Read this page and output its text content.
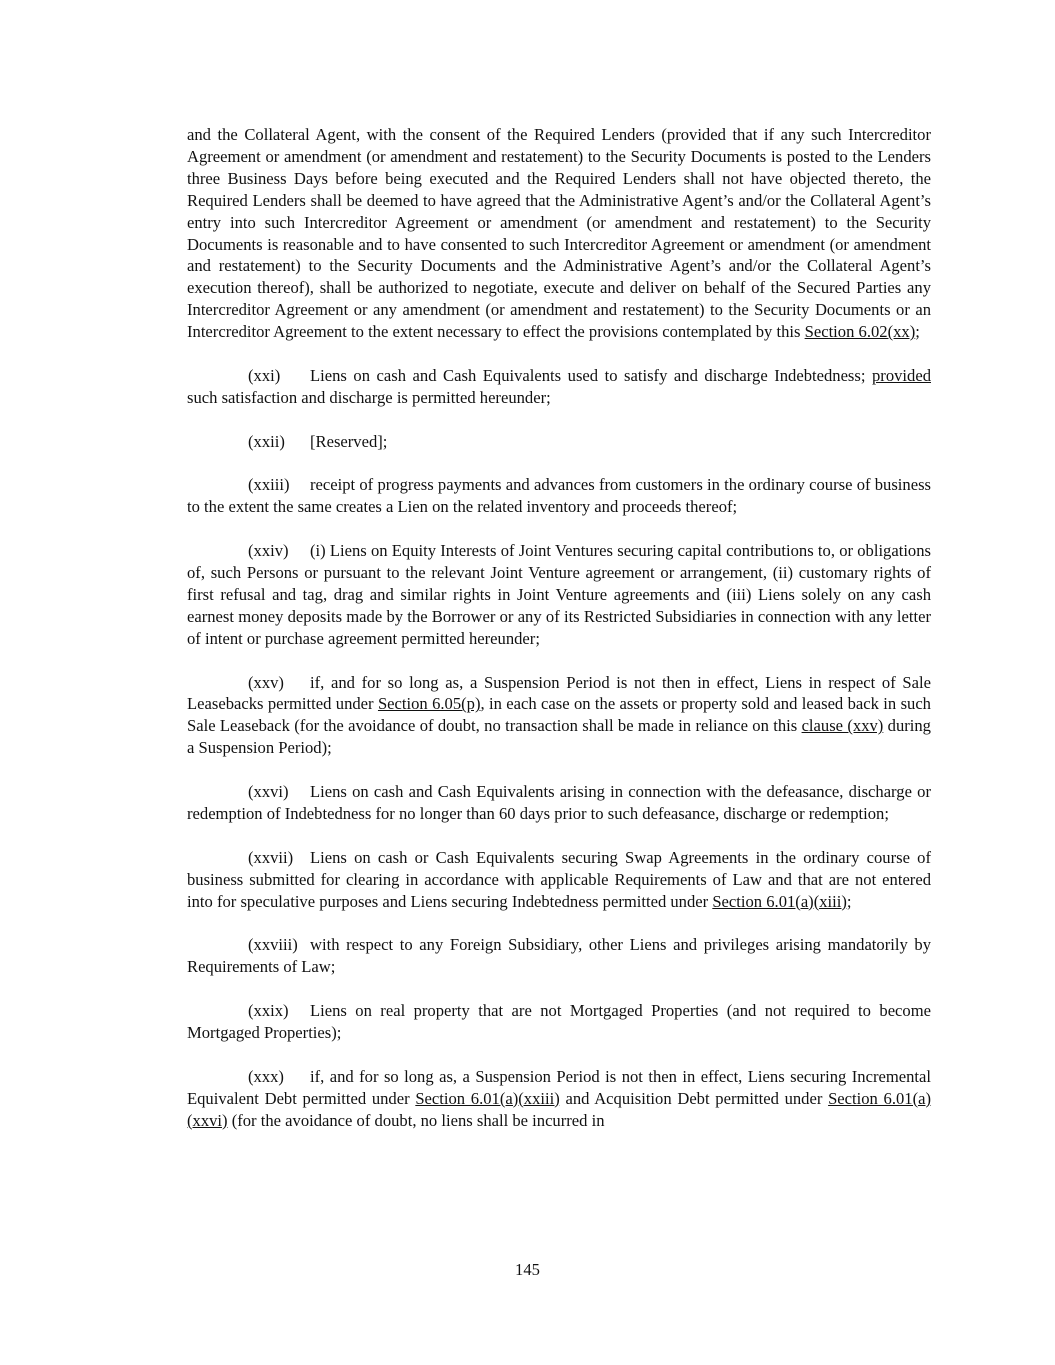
and the Collateral Agent, with the consent of the Required Lenders (provided that if any such Intercreditor Agreement or amendment (or amendment and restatement) to the Security Documents is posted to the Lenders three Business Days before being executed and the Required Lenders shall not have objected thereto, the Required Lenders shall be deemed to have agreed that the Administrative Agent’s and/or the Collateral Agent’s entry into such Intercreditor Agreement or amendment (or amendment and restatement) to the Security Documents is reasonable and to have consented to such Intercreditor Agreement or amendment (or amendment and restatement) to the Security Documents and the Administrative Agent’s and/or the Collateral Agent’s execution thereof), shall be authorized to negotiate, execute and deliver on behalf of the Secured Parties any Intercreditor Agreement or any amendment (or amendment and restatement) to the Security Documents or an Intercreditor Agreement to the extent necessary to effect the provisions contemplated by this Section 6.02(xx);

(xxi) Liens on cash and Cash Equivalents used to satisfy and discharge Indebtedness; provided such satisfaction and discharge is permitted hereunder;

(xxii) [Reserved];

(xxiii) receipt of progress payments and advances from customers in the ordinary course of business to the extent the same creates a Lien on the related inventory and proceeds thereof;

(xxiv) (i) Liens on Equity Interests of Joint Ventures securing capital contributions to, or obligations of, such Persons or pursuant to the relevant Joint Venture agreement or arrangement, (ii) customary rights of first refusal and tag, drag and similar rights in Joint Venture agreements and (iii) Liens solely on any cash earnest money deposits made by the Borrower or any of its Restricted Subsidiaries in connection with any letter of intent or purchase agreement permitted hereunder;

(xxv) if, and for so long as, a Suspension Period is not then in effect, Liens in respect of Sale Leasebacks permitted under Section 6.05(p), in each case on the assets or property sold and leased back in such Sale Leaseback (for the avoidance of doubt, no transaction shall be made in reliance on this clause (xxv) during a Suspension Period);

(xxvi) Liens on cash and Cash Equivalents arising in connection with the defeasance, discharge or redemption of Indebtedness for no longer than 60 days prior to such defeasance, discharge or redemption;

(xxvii) Liens on cash or Cash Equivalents securing Swap Agreements in the ordinary course of business submitted for clearing in accordance with applicable Requirements of Law and that are not entered into for speculative purposes and Liens securing Indebtedness permitted under Section 6.01(a)(xiii);

(xxviii) with respect to any Foreign Subsidiary, other Liens and privileges arising mandatorily by Requirements of Law;

(xxix) Liens on real property that are not Mortgaged Properties (and not required to become Mortgaged Properties);

(xxx) if, and for so long as, a Suspension Period is not then in effect, Liens securing Incremental Equivalent Debt permitted under Section 6.01(a)(xxiii) and Acquisition Debt permitted under Section 6.01(a)(xxvi) (for the avoidance of doubt, no liens shall be incurred in

145
